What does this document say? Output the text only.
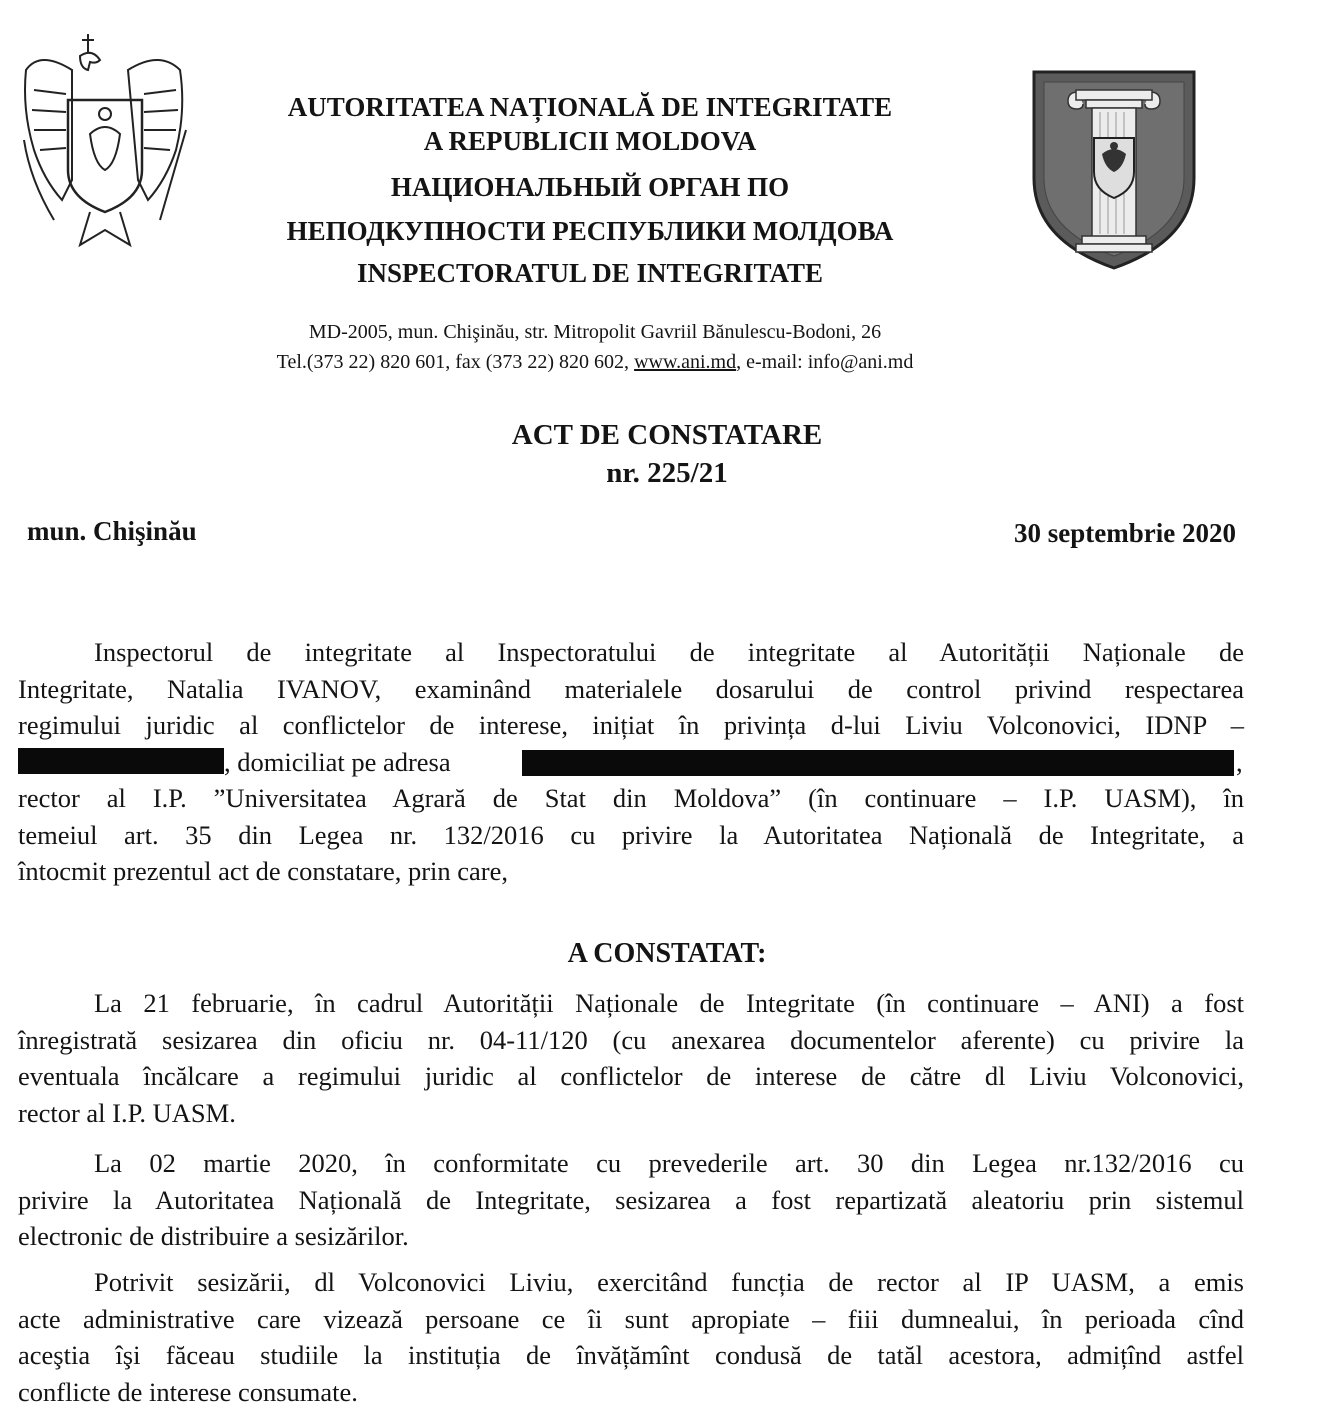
AUTORITATEA NAȚIONALĂ DE INTEGRITATE
A REPUBLICII MOLDOVA
НАЦИОНАЛЬНЫЙ ОРГАН ПО
НЕПОДКУПНОСТИ РЕСПУБЛИКИ МОЛДОВА
INSPECTORATUL DE INTEGRITATE
MD-2005, mun. Chişinău, str. Mitropolit Gavriil Bănulescu-Bodoni, 26
Tel.(373 22) 820 601, fax (373 22) 820 602, www.ani.md, e-mail: info@ani.md
ACT DE CONSTATARE
nr. 225/21
mun. Chişinău	30 septembrie 2020
Inspectorul de integritate al Inspectoratului de integritate al Autorității Naționale de
Integritate, Natalia IVANOV, examinând materialele dosarului de control privind respectarea
regimului juridic al conflictelor de interese, inițiat în privința d-lui Liviu Volconovici, IDNP –
, domiciliat pe adresa	,
rector al I.P. ”Universitatea Agrară de Stat din Moldova” (în continuare – I.P. UASM), în
temeiul art. 35 din Legea nr. 132/2016 cu privire la Autoritatea Națională de Integritate, a
întocmit prezentul act de constatare, prin care,
A CONSTATAT:
La 21 februarie, în cadrul Autorității Naționale de Integritate (în continuare – ANI) a fost
înregistrată sesizarea din oficiu nr. 04-11/120 (cu anexarea documentelor aferente) cu privire la
eventuala încălcare a regimului juridic al conflictelor de interese de către dl Liviu Volconovici,
rector al I.P. UASM.
La 02 martie 2020, în conformitate cu prevederile art. 30 din Legea nr.132/2016 cu
privire la Autoritatea Națională de Integritate, sesizarea a fost repartizată aleatoriu prin sistemul
electronic de distribuire a sesizărilor.
Potrivit sesizării, dl Volconovici Liviu, exercitând funcția de rector al IP UASM, a emis
acte administrative care vizează persoane ce îi sunt apropiate – fiii dumnealui, în perioada cînd
aceştia îşi făceau studiile la instituția de învățămînt condusă de tatăl acestora, admițînd astfel
conflicte de interese consumate.
